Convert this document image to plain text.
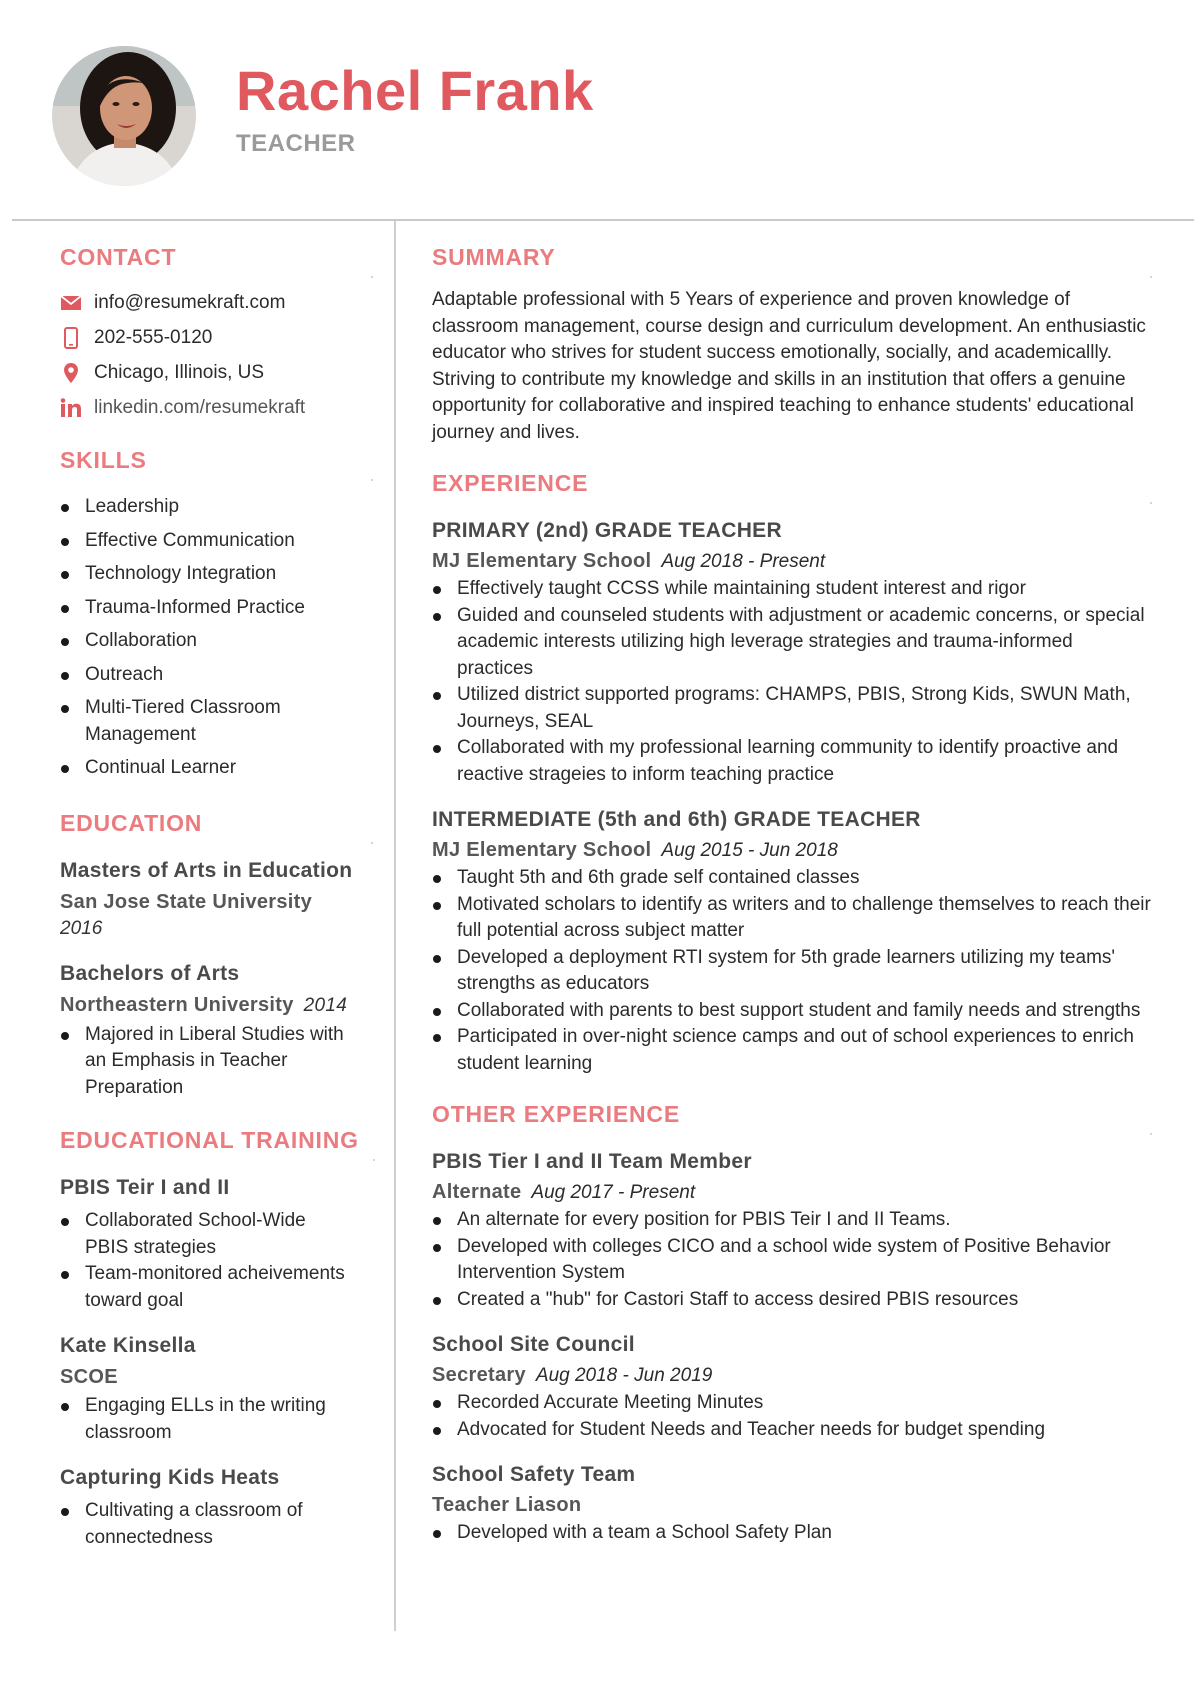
Rachel Frank
TEACHER
CONTACT
info@resumekraft.com
202-555-0120
Chicago, Illinois, US
linkedin.com/resumekraft
SKILLS
Leadership
Effective Communication
Technology Integration
Trauma-Informed Practice
Collaboration
Outreach
Multi-Tiered Classroom Management
Continual Learner
EDUCATION
Masters of Arts in Education
San Jose State University
2016
Bachelors of Arts
Northeastern University 2014
Majored in Liberal Studies with an Emphasis in Teacher Preparation
EDUCATIONAL TRAINING
PBIS Teir I and II
Collaborated School-Wide PBIS strategies
Team-monitored acheivements toward goal
Kate Kinsella
SCOE
Engaging ELLs in the writing classroom
Capturing Kids Heats
Cultivating a classroom of connectedness
SUMMARY
Adaptable professional with 5 Years of experience and proven knowledge of classroom management, course design and curriculum development. An enthusiastic educator who strives for student success emotionally, socially, and academicallly. Striving to contribute my knowledge and skills in an institution that offers a genuine opportunity for collaborative and inspired teaching to enhance students' educational journey and lives.
EXPERIENCE
PRIMARY (2nd) GRADE TEACHER
MJ Elementary School Aug 2018 - Present
Effectively taught CCSS while maintaining student interest and rigor
Guided and counseled students with adjustment or academic concerns, or special academic interests utilizing high leverage strategies and trauma-informed practices
Utilized district supported programs: CHAMPS, PBIS, Strong Kids, SWUN Math, Journeys, SEAL
Collaborated with my professional learning community to identify proactive and reactive strageies to inform teaching practice
INTERMEDIATE (5th and 6th) GRADE TEACHER
MJ Elementary School Aug 2015 - Jun 2018
Taught 5th and 6th grade self contained classes
Motivated scholars to identify as writers and to challenge themselves to reach their full potential across subject matter
Developed a deployment RTI system for 5th grade learners utilizing my teams' strengths as educators
Collaborated with parents to best support student and family needs and strengths
Participated in over-night science camps and out of school experiences to enrich student learning
OTHER EXPERIENCE
PBIS Tier I and II Team Member
Alternate Aug 2017 - Present
An alternate for every position for PBIS Teir I and II Teams.
Developed with colleges CICO and a school wide system of Positive Behavior Intervention System
Created a "hub" for Castori Staff to access desired PBIS resources
School Site Council
Secretary Aug 2018 - Jun 2019
Recorded Accurate Meeting Minutes
Advocated for Student Needs and Teacher needs for budget spending
School Safety Team
Teacher Liason
Developed with a team a School Safety Plan
